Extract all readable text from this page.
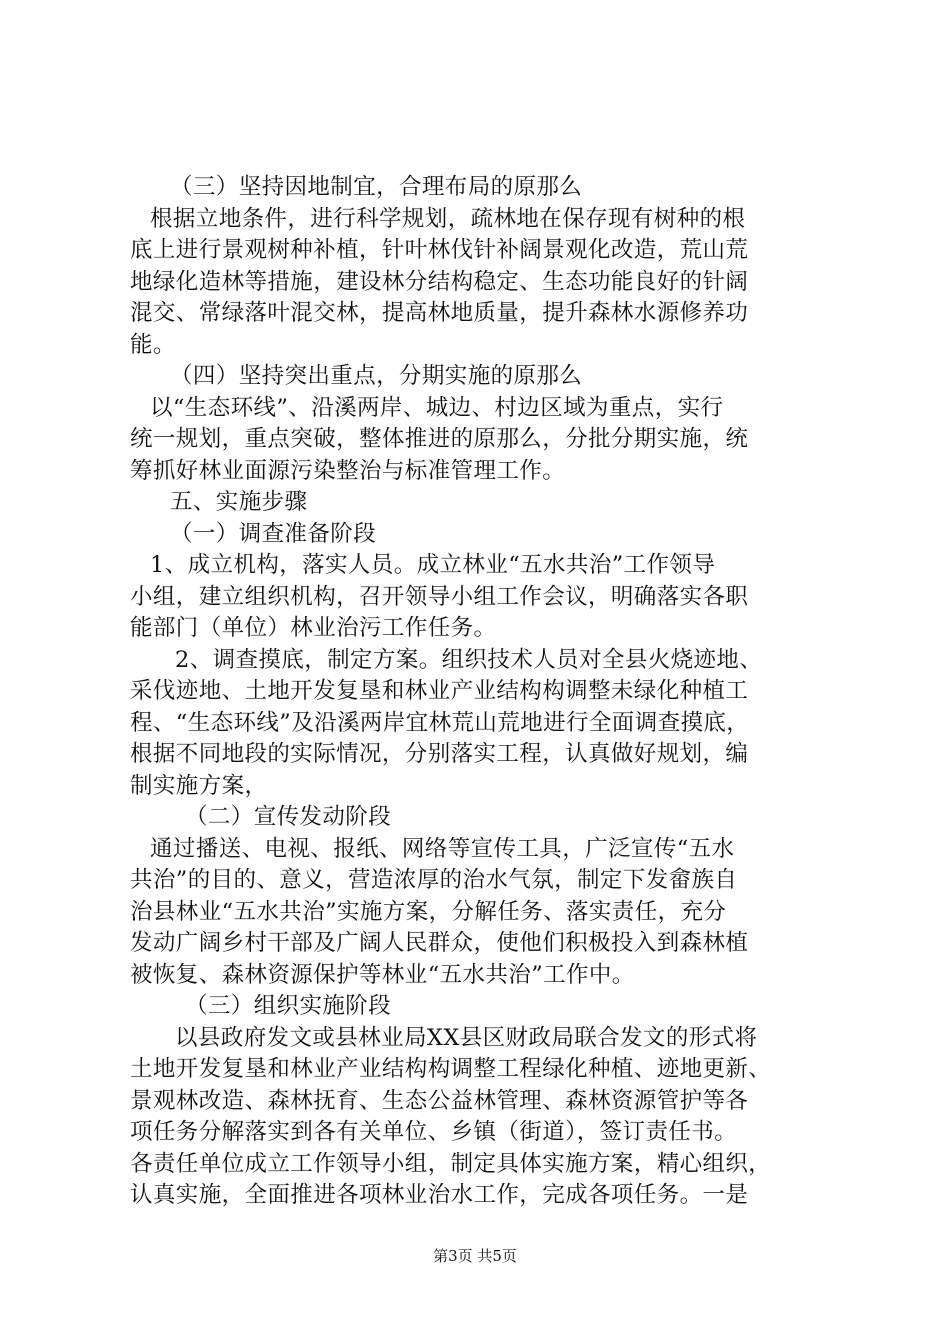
（三）坚持因地制宜，合理布局的原那么
根据立地条件，进行科学规划，疏林地在保存现有树种的根
底上进行景观树种补植，针叶林伐针补阔景观化改造，荒山荒
地绿化造林等措施，建设林分结构稳定、生态功能良好的针阔
混交、常绿落叶混交林，提高林地质量，提升森林水源修养功
能。
（四）坚持突出重点，分期实施的原那么
以“生态环线”、沿溪两岸、城边、村边区域为重点，实行
统一规划，重点突破，整体推进的原那么，分批分期实施，统
筹抓好林业面源污染整治与标准管理工作。
五、实施步骤
（一）调查准备阶段
1、成立机构，落实人员。成立林业“五水共治”工作领导
小组，建立组织机构，召开领导小组工作会议，明确落实各职
能部门（单位）林业治污工作任务。
2、调查摸底，制定方案。组织技术人员对全县火烧迹地、
采伐迹地、土地开发复垦和林业产业结构构调整未绿化种植工
程、“生态环线”及沿溪两岸宜林荒山荒地进行全面调查摸底，
根据不同地段的实际情况，分别落实工程，认真做好规划，编
制实施方案，
（二）宣传发动阶段
通过播送、电视、报纸、网络等宣传工具，广泛宣传“五水
共治”的目的、意义，营造浓厚的治水气氛，制定下发畲族自
治县林业“五水共治”实施方案，分解任务、落实责任，充分
发动广阔乡村干部及广阔人民群众，使他们积极投入到森林植
被恢复、森林资源保护等林业“五水共治”工作中。
（三）组织实施阶段
以县政府发文或县林业局XX县区财政局联合发文的形式将
土地开发复垦和林业产业结构构调整工程绿化种植、迹地更新、
景观林改造、森林抚育、生态公益林管理、森林资源管护等各
项任务分解落实到各有关单位、乡镇（街道），签订责任书。
各责任单位成立工作领导小组，制定具体实施方案，精心组织，
认真实施，全面推进各项林业治水工作，完成各项任务。一是
第3页 共5页
